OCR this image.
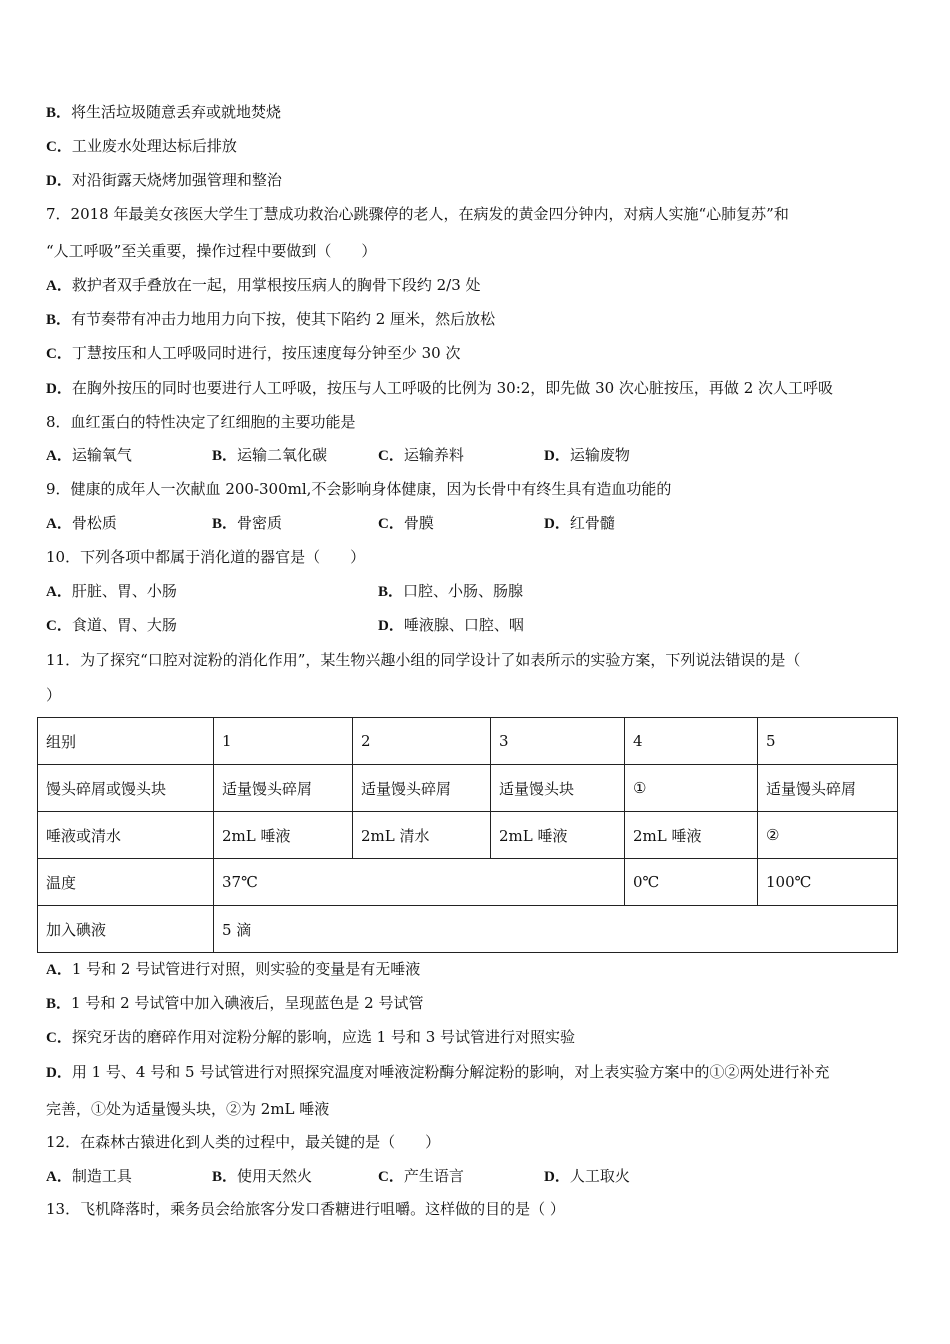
B．将生活垃圾随意丢弃或就地焚烧
C．工业废水处理达标后排放
D．对沿街露天烧烤加强管理和整治
7．2018 年最美女孩医大学生丁慧成功救治心跳骤停的老人，在病发的黄金四分钟内，对病人实施“心肺复苏”和
“人工呼吸”至关重要，操作过程中要做到（　　）
A．救护者双手叠放在一起，用掌根按压病人的胸骨下段约 2/3 处
B．有节奏带有冲击力地用力向下按，使其下陷约 2 厘米，然后放松
C．丁慧按压和人工呼吸同时进行，按压速度每分钟至少 30 次
D．在胸外按压的同时也要进行人工呼吸，按压与人工呼吸的比例为 30:2，即先做 30 次心脏按压，再做 2 次人工呼吸
8．血红蛋白的特性决定了红细胞的主要功能是
A．运输氧气	B．运输二氧化碳	C．运输养料	D．运输废物
9．健康的成年人一次献血 200-300ml,不会影响身体健康，因为长骨中有终生具有造血功能的
A．骨松质	B．骨密质	C．骨膜	D．红骨髓
10．下列各项中都属于消化道的器官是（　　）
A．肝脏、胃、小肠	B．口腔、小肠、肠腺
C．食道、胃、大肠	D．唾液腺、口腔、咽
11．为了探究“口腔对淀粉的消化作用”，某生物兴趣小组的同学设计了如表所示的实验方案，下列说法错误的是（
）
组别	1	2	3	4	5
馒头碎屑或馒头块	适量馒头碎屑	适量馒头碎屑	适量馒头块	①	适量馒头碎屑
唾液或清水	2mL 唾液	2mL 清水	2mL 唾液	2mL 唾液	②
温度	37℃			0℃	100℃
加入碘液	5 滴				
A．1 号和 2 号试管进行对照，则实验的变量是有无唾液
B．1 号和 2 号试管中加入碘液后，呈现蓝色是 2 号试管
C．探究牙齿的磨碎作用对淀粉分解的影响，应选 1 号和 3 号试管进行对照实验
D．用 1 号、4 号和 5 号试管进行对照探究温度对唾液淀粉酶分解淀粉的影响，对上表实验方案中的①②两处进行补充
完善，①处为适量馒头块，②为 2mL 唾液
12．在森林古猿进化到人类的过程中，最关键的是（　　）
A．制造工具	B．使用天然火	C．产生语言	D．人工取火
13．飞机降落时，乘务员会给旅客分发口香糖进行咀嚼。这样做的目的是（ ）
